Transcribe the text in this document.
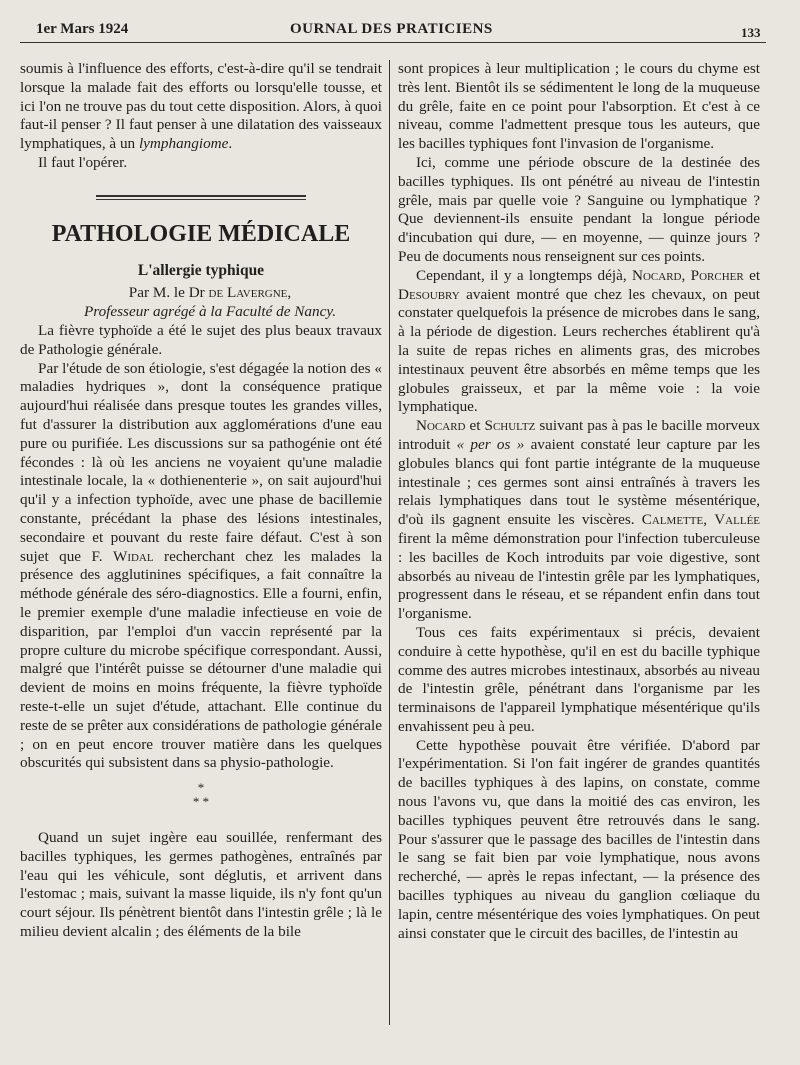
1er Mars 1924	OURNAL DES PRATICIENS	133

soumis à l'influence des efforts, c'est-à-dire qu'il se tendrait lorsque la malade fait des efforts ou lorsqu'elle tousse, et ici l'on ne trouve pas du tout cette disposition. Alors, à quoi faut-il penser ? Il faut penser à une dilatation des vaisseaux lymphatiques, à un lymphangiome.

Il faut l'opérer.

PATHOLOGIE MÉDICALE
L'allergie typhique

Par M. le Dr de Lavergne,

Professeur agrégé à la Faculté de Nancy.

La fièvre typhoïde a été le sujet des plus beaux travaux de Pathologie générale.

Par l'étude de son étiologie, s'est dégagée la notion des « maladies hydriques », dont la conséquence pratique aujourd'hui réalisée dans presque toutes les grandes villes, fut d'assurer la distribution aux agglomérations d'une eau pure ou purifiée. Les discussions sur sa pathogénie ont été fécondes : là où les anciens ne voyaient qu'une maladie intestinale locale, la « dothienenterie », on sait aujourd'hui qu'il y a infection typhoïde, avec une phase de bacillemie constante, précédant la phase des lésions intestinales, secondaire et pouvant du reste faire défaut. C'est à son sujet que F. Widal recherchant chez les malades la présence des agglutinines spécifiques, a fait connaître la méthode générale des séro-diagnostics. Elle a fourni, enfin, le premier exemple d'une maladie infectieuse en voie de disparition, par l'emploi d'un vaccin représenté par la propre culture du microbe spécifique correspondant. Aussi, malgré que l'intérêt puisse se détourner d'une maladie qui devient de moins en moins fréquente, la fièvre typhoïde reste-t-elle un sujet d'étude, attachant. Elle continue du reste de se prêter aux considérations de pathologie générale ; on en peut encore trouver matière dans les quelques obscurités qui subsistent dans sa physio-pathologie.

*
* *

Quand un sujet ingère eau souillée, renfermant des bacilles typhiques, les germes pathogènes, entraînés par l'eau qui les véhicule, sont déglutis, et arrivent dans l'estomac ; mais, suivant la masse liquide, ils n'y font qu'un court séjour. Ils pénètrent bientôt dans l'intestin grêle ; là le milieu devient alcalin ; des éléments de la bile

sont propices à leur multiplication ; le cours du chyme est très lent. Bientôt ils se sédimentent le long de la muqueuse du grêle, faite en ce point pour l'absorption. Et c'est à ce niveau, comme l'admettent presque tous les auteurs, que les bacilles typhiques font l'invasion de l'organisme.

Ici, comme une période obscure de la destinée des bacilles typhiques. Ils ont pénétré au niveau de l'intestin grêle, mais par quelle voie ? Sanguine ou lymphatique ? Que deviennent-ils ensuite pendant la longue période d'incubation qui dure, — en moyenne, — quinze jours ? Peu de documents nous renseignent sur ces points.

Cependant, il y a longtemps déjà, Nocard, Porcher et Desoubry avaient montré que chez les chevaux, on peut constater quelquefois la présence de microbes dans le sang, à la période de digestion. Leurs recherches établirent qu'à la suite de repas riches en aliments gras, des microbes intestinaux peuvent être absorbés en même temps que les globules graisseux, et par la même voie : la voie lymphatique.

Nocard et Schultz suivant pas à pas le bacille morveux introduit « per os » avaient constaté leur capture par les globules blancs qui font partie intégrante de la muqueuse intestinale ; ces germes sont ainsi entraînés à travers les relais lymphatiques dans tout le système mésentérique, d'où ils gagnent ensuite les viscères. Calmette, Vallée firent la même démonstration pour l'infection tuberculeuse : les bacilles de Koch introduits par voie digestive, sont absorbés au niveau de l'intestin grêle par les lymphatiques, progressent dans le réseau, et se répandent enfin dans tout l'organisme.

Tous ces faits expérimentaux si précis, devaient conduire à cette hypothèse, qu'il en est du bacille typhique comme des autres microbes intestinaux, absorbés au niveau de l'intestin grêle, pénétrant dans l'organisme par les terminaisons de l'appareil lymphatique mésentérique qu'ils envahissent peu à peu.

Cette hypothèse pouvait être vérifiée. D'abord par l'expérimentation. Si l'on fait ingérer de grandes quantités de bacilles typhiques à des lapins, on constate, comme nous l'avons vu, que dans la moitié des cas environ, les bacilles typhiques peuvent être retrouvés dans le sang. Pour s'assurer que le passage des bacilles de l'intestin dans le sang se fait bien par voie lymphatique, nous avons recherché, — après le repas infectant, — la présence des bacilles typhiques au niveau du ganglion cœliaque du lapin, centre mésentérique des voies lymphatiques. On peut ainsi constater que le circuit des bacilles, de l'intestin au
